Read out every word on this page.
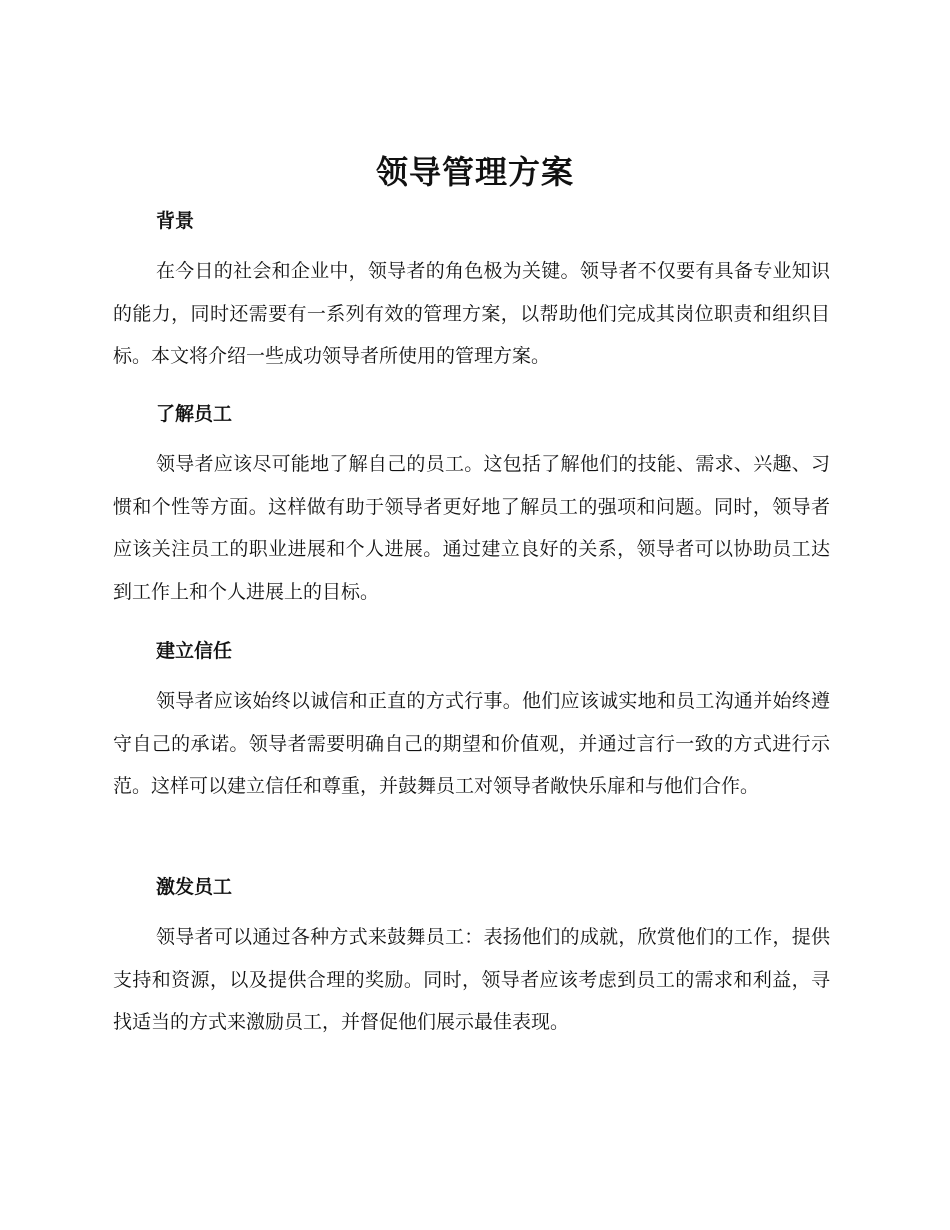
领导管理方案
背景

在今日的社会和企业中，领导者的角色极为关键。领导者不仅要有具备专业知识的能力，同时还需要有一系列有效的管理方案，以帮助他们完成其岗位职责和组织目标。本文将介绍一些成功领导者所使用的管理方案。

了解员工

领导者应该尽可能地了解自己的员工。这包括了解他们的技能、需求、兴趣、习惯和个性等方面。这样做有助于领导者更好地了解员工的强项和问题。同时，领导者应该关注员工的职业进展和个人进展。通过建立良好的关系，领导者可以协助员工达到工作上和个人进展上的目标。

建立信任

领导者应该始终以诚信和正直的方式行事。他们应该诚实地和员工沟通并始终遵守自己的承诺。领导者需要明确自己的期望和价值观，并通过言行一致的方式进行示范。这样可以建立信任和尊重，并鼓舞员工对领导者敞快乐扉和与他们合作。

激发员工

领导者可以通过各种方式来鼓舞员工：表扬他们的成就，欣赏他们的工作，提供支持和资源，以及提供合理的奖励。同时，领导者应该考虑到员工的需求和利益，寻找适当的方式来激励员工，并督促他们展示最佳表现。
